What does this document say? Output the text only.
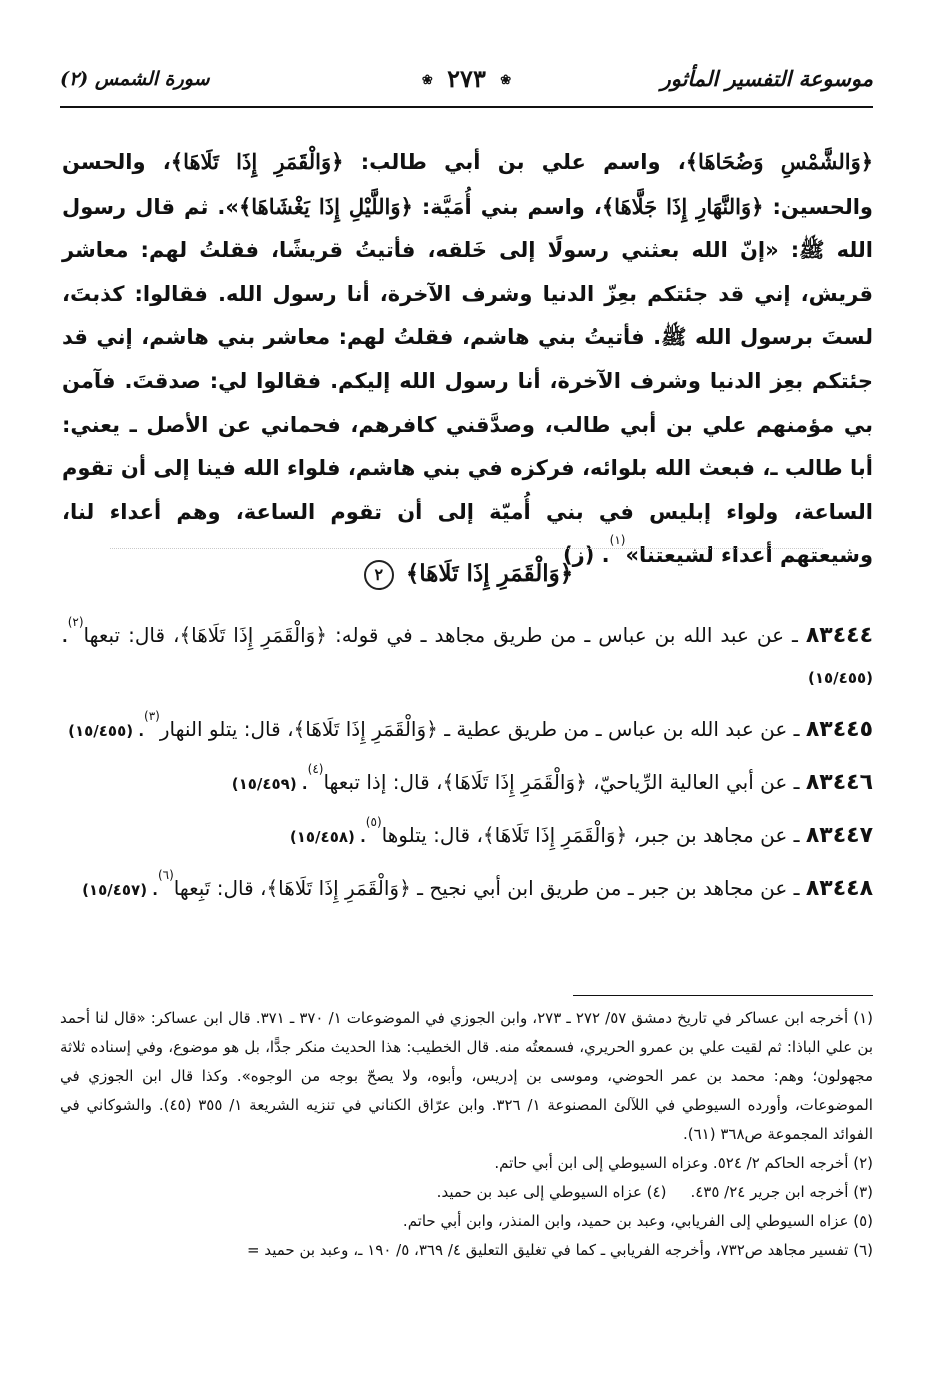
موسوعة التفسير المأثور
❀ ٢٧٣ ❀
سورة الشمس (٢)

﴿وَالشَّمْسِ وَضُحَاهَا﴾، واسم علي بن أبي طالب: ﴿وَالْقَمَرِ إِذَا تَلَاهَا﴾، والحسن والحسين: ﴿وَالنَّهَارِ إِذَا جَلَّاهَا﴾، واسم بني أُمَيَّة: ﴿وَاللَّيْلِ إِذَا يَغْشَاهَا﴾». ثم قال رسول الله ﷺ: «إنّ الله بعثني رسولًا إلى خَلقه، فأتيتُ قريشًا، فقلتُ لهم: معاشر قريش، إني قد جئتكم بعِزّ الدنيا وشرف الآخرة، أنا رسول الله. فقالوا: كذبتَ، لستَ برسول الله ﷺ. فأتيتُ بني هاشم، فقلتُ لهم: معاشر بني هاشم، إني قد جئتكم بعِز الدنيا وشرف الآخرة، أنا رسول الله إليكم. فقالوا لي: صدقتَ. فآمن بي مؤمنهم علي بن أبي طالب، وصدَّقني كافرهم، فحماني عن الأصل ـ يعني: أبا طالب ـ، فبعث الله بلوائه، فركزه في بني هاشم، فلواء الله فينا إلى أن تقوم الساعة، ولواء إبليس في بني أُميّة إلى أن تقوم الساعة، وهم أعداء لنا، وشيعتهم أعداء لشيعتنا»$^{(١)}$. (ز)

﴿وَالْقَمَرِ إِذَا تَلَاهَا﴾ ٢
٨٣٤٤٤ ـ عن عبد الله بن عباس ـ من طريق مجاهد ـ في قوله: ﴿وَالْقَمَرِ إِذَا تَلَاهَا﴾، قال: تبعها$^{(٢)}$. (١٥/٤٥٥)
٨٣٤٤٥ ـ عن عبد الله بن عباس ـ من طريق عطية ـ ﴿وَالْقَمَرِ إِذَا تَلَاهَا﴾، قال: يتلو النهار$^{(٣)}$. (١٥/٤٥٥)
٨٣٤٤٦ ـ عن أبي العالية الرِّياحيّ، ﴿وَالْقَمَرِ إِذَا تَلَاهَا﴾، قال: إذا تبعها$^{(٤)}$. (١٥/٤٥٩)
٨٣٤٤٧ ـ عن مجاهد بن جبر، ﴿وَالْقَمَرِ إِذَا تَلَاهَا﴾، قال: يتلوها$^{(٥)}$. (١٥/٤٥٨)
٨٣٤٤٨ ـ عن مجاهد بن جبر ـ من طريق ابن أبي نجيح ـ ﴿وَالْقَمَرِ إِذَا تَلَاهَا﴾، قال: تَبِعها$^{(٦)}$. (١٥/٤٥٧)

(١) أخرجه ابن عساكر في تاريخ دمشق ٥٧/ ٢٧٢ ـ ٢٧٣، وابن الجوزي في الموضوعات ١/ ٣٧٠ ـ ٣٧١. قال ابن عساكر: «قال لنا أحمد بن علي الباذا: ثم لقيت علي بن عمرو الحريري، فسمعتُه منه. قال الخطيب: هذا الحديث منكر جدًّا، بل هو موضوع، وفي إسناده ثلاثة مجهولون؛ وهم: محمد بن عمر الحوضي، وموسى بن إدريس، وأبوه، ولا يصحّ بوجه من الوجوه». وكذا قال ابن الجوزي في الموضوعات، وأورده السيوطي في اللآلئ المصنوعة ١/ ٣٢٦. وابن عرّاق الكناني في تنزيه الشريعة ١/ ٣٥٥ (٤٥). والشوكاني في الفوائد المجموعة ص٣٦٨ (٦١).

(٢) أخرجه الحاكم ٢/ ٥٢٤. وعزاه السيوطي إلى ابن أبي حاتم.

(٣) أخرجه ابن جرير ٢٤/ ٤٣٥.
(٤) عزاه السيوطي إلى عبد بن حميد.

(٥) عزاه السيوطي إلى الفريابي، وعبد بن حميد، وابن المنذر، وابن أبي حاتم.

(٦) تفسير مجاهد ص٧٣٢، وأخرجه الفريابي ـ كما في تغليق التعليق ٤/ ٣٦٩، ٥/ ١٩٠ ـ، وعبد بن حميد =
